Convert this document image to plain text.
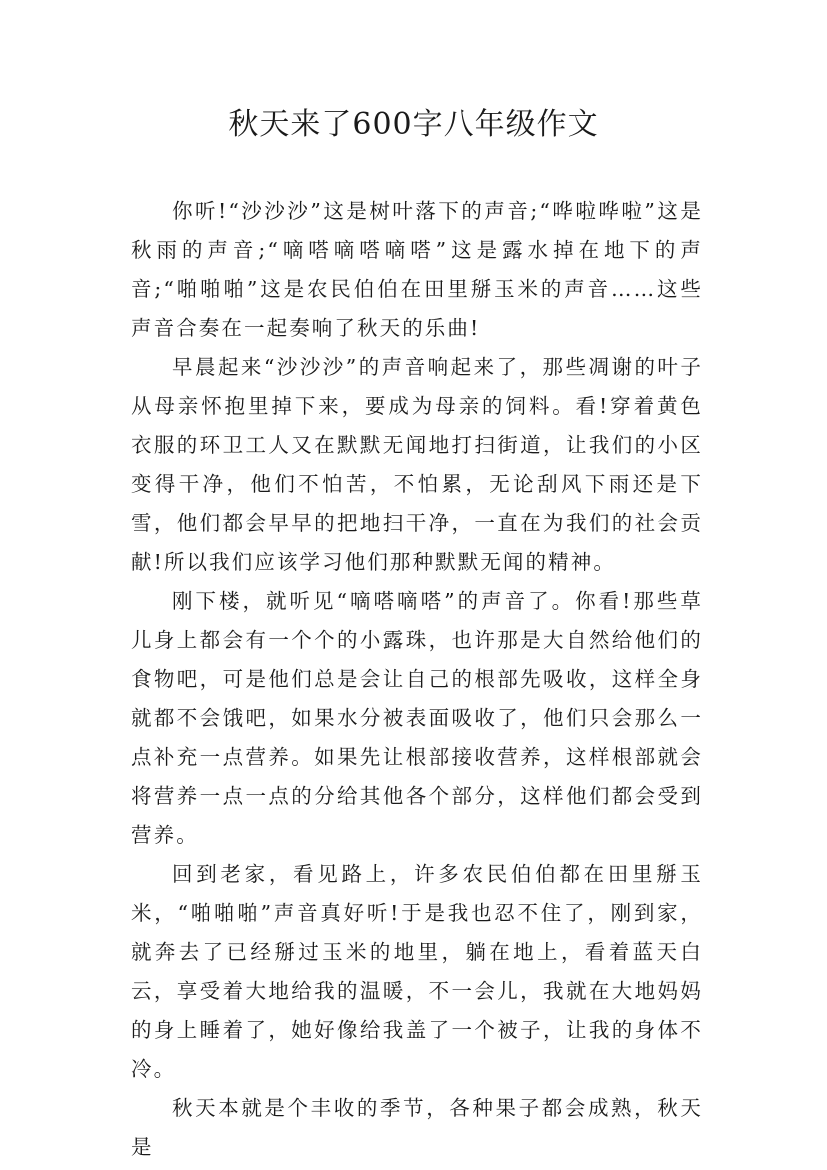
秋天来了600字八年级作文

你听!“沙沙沙”这是树叶落下的声音;“哗啦哗啦”这是秋雨的声音;“嘀嗒嘀嗒嘀嗒”这是露水掉在地下的声音;“啪啪啪”这是农民伯伯在田里掰玉米的声音……这些声音合奏在一起奏响了秋天的乐曲!

早晨起来“沙沙沙”的声音响起来了，那些凋谢的叶子从母亲怀抱里掉下来，要成为母亲的饲料。看!穿着黄色衣服的环卫工人又在默默无闻地打扫街道，让我们的小区变得干净，他们不怕苦，不怕累，无论刮风下雨还是下雪，他们都会早早的把地扫干净，一直在为我们的社会贡献!所以我们应该学习他们那种默默无闻的精神。

刚下楼，就听见“嘀嗒嘀嗒”的声音了。你看!那些草儿身上都会有一个个的小露珠，也许那是大自然给他们的食物吧，可是他们总是会让自己的根部先吸收，这样全身就都不会饿吧，如果水分被表面吸收了，他们只会那么一点补充一点营养。如果先让根部接收营养，这样根部就会将营养一点一点的分给其他各个部分，这样他们都会受到营养。

回到老家，看见路上，许多农民伯伯都在田里掰玉米，“啪啪啪”声音真好听!于是我也忍不住了，刚到家，就奔去了已经掰过玉米的地里，躺在地上，看着蓝天白云，享受着大地给我的温暖，不一会儿，我就在大地妈妈的身上睡着了，她好像给我盖了一个被子，让我的身体不冷。

秋天本就是个丰收的季节，各种果子都会成熟，秋天是
